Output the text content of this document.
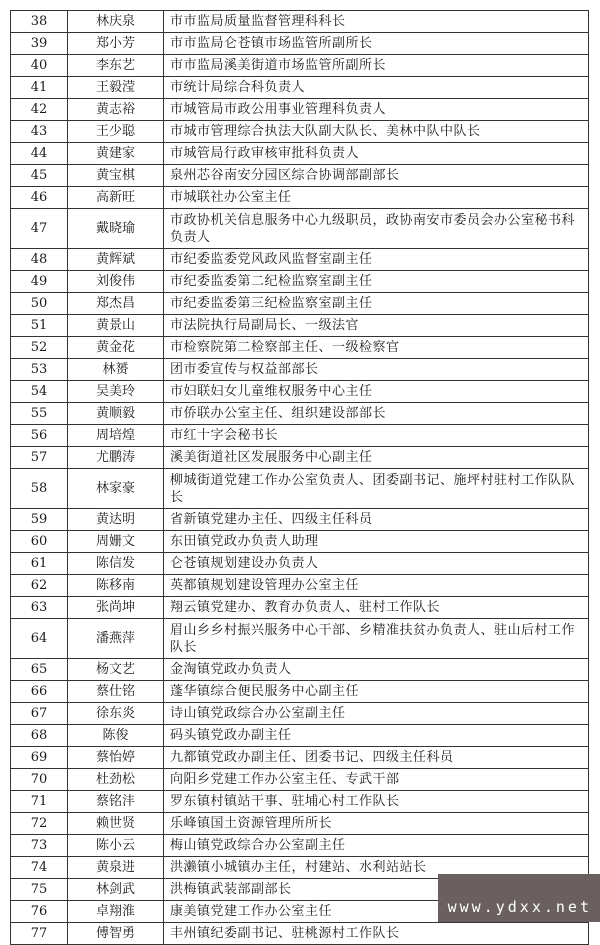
38	林庆泉	市市监局质量监督管理科科长
39	郑小芳	市市监局仑苍镇市场监管所副所长
40	李东艺	市市监局溪美街道市场监管所副所长
41	王毅滢	市统计局综合科负责人
42	黄志裕	市城管局市政公用事业管理科负责人
43	王少聪	市城市管理综合执法大队副大队长、美林中队中队长
44	黄建家	市城管局行政审核审批科负责人
45	黄宝棋	泉州芯谷南安分园区综合协调部副部长
46	高新旺	市城联社办公室主任
47	戴晓瑜	市政协机关信息服务中心九级职员，政协南安市委员会办公室秘书科负责人
48	黄辉斌	市纪委监委党风政风监督室副主任
49	刘俊伟	市纪委监委第二纪检监察室副主任
50	郑杰昌	市纪委监委第三纪检监察室副主任
51	黄景山	市法院执行局副局长、一级法官
52	黄金花	市检察院第二检察部主任、一级检察官
53	林赟	团市委宣传与权益部部长
54	吴美玲	市妇联妇女儿童维权服务中心主任
55	黄顺毅	市侨联办公室主任、组织建设部部长
56	周培煌	市红十字会秘书长
57	尤鹏涛	溪美街道社区发展服务中心副主任
58	林家豪	柳城街道党建工作办公室负责人、团委副书记、施坪村驻村工作队队长
59	黄达明	省新镇党建办主任、四级主任科员
60	周姗文	东田镇党政办负责人助理
61	陈信发	仑苍镇规划建设办负责人
62	陈移南	英都镇规划建设管理办公室主任
63	张尚坤	翔云镇党建办、教育办负责人、驻村工作队长
64	潘燕萍	眉山乡乡村振兴服务中心干部、乡精准扶贫办负责人、驻山后村工作队长
65	杨文艺	金淘镇党政办负责人
66	蔡仕铭	蓬华镇综合便民服务中心副主任
67	徐东炎	诗山镇党政综合办公室副主任
68	陈俊	码头镇党政办副主任
69	蔡怡婷	九都镇党政办副主任、团委书记、四级主任科员
70	杜劲松	向阳乡党建工作办公室主任、专武干部
71	蔡铭沣	罗东镇村镇站干事、驻埔心村工作队长
72	赖世贤	乐峰镇国土资源管理所所长
73	陈小云	梅山镇党政综合办公室副主任
74	黄泉进	洪濑镇小城镇办主任，村建站、水利站站长
75	林剑武	洪梅镇武装部副部长
76	卓翔淮	康美镇党建工作办公室主任
77	傅智勇	丰州镇纪委副书记、驻桃源村工作队长
www.ydxx.net
